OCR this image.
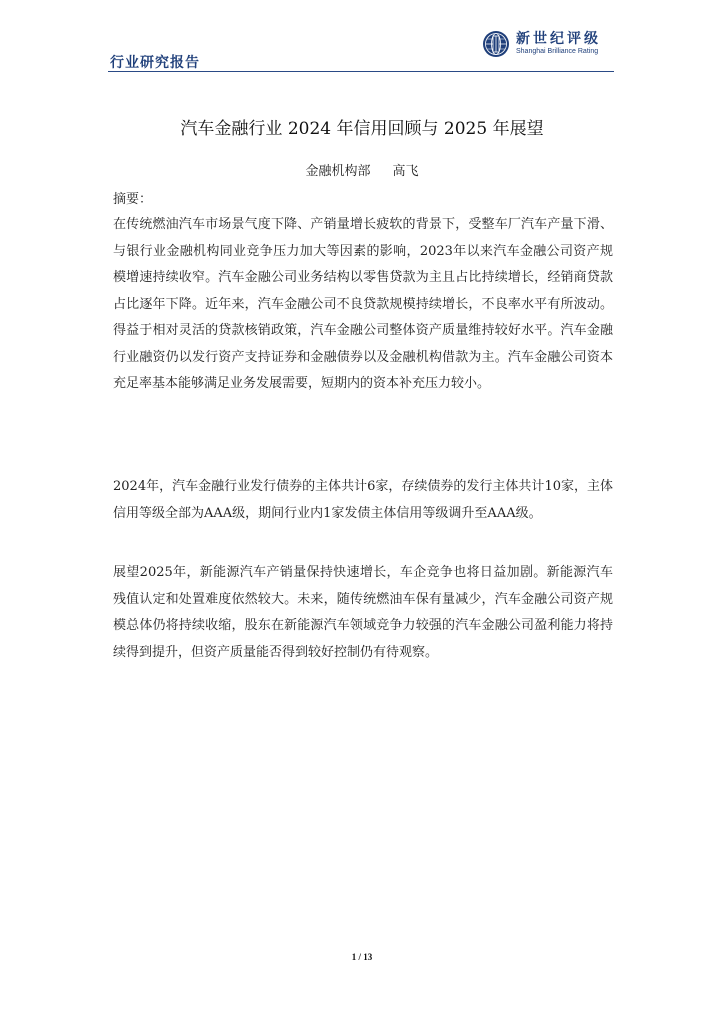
行业研究报告
新世纪评级
Shanghai Brilliance Rating
汽车金融行业 2024 年信用回顾与 2025 年展望
金融机构部 高飞
摘要：

在传统燃油汽车市场景气度下降、产销量增长疲软的背景下，受整车厂汽车产量下滑、与银行业金融机构同业竞争压力加大等因素的影响，2023年以来汽车金融公司资产规模增速持续收窄。汽车金融公司业务结构以零售贷款为主且占比持续增长，经销商贷款占比逐年下降。近年来，汽车金融公司不良贷款规模持续增长，不良率水平有所波动。得益于相对灵活的贷款核销政策，汽车金融公司整体资产质量维持较好水平。汽车金融行业融资仍以发行资产支持证券和金融债券以及金融机构借款为主。汽车金融公司资本充足率基本能够满足业务发展需要，短期内的资本补充压力较小。

2024年，汽车金融行业发行债券的主体共计6家，存续债券的发行主体共计10家，主体信用等级全部为AAA级，期间行业内1家发债主体信用等级调升至AAA级。

展望2025年，新能源汽车产销量保持快速增长，车企竞争也将日益加剧。新能源汽车残值认定和处置难度依然较大。未来，随传统燃油车保有量减少，汽车金融公司资产规模总体仍将持续收缩，股东在新能源汽车领域竞争力较强的汽车金融公司盈利能力将持续得到提升，但资产质量能否得到较好控制仍有待观察。

1 / 13
